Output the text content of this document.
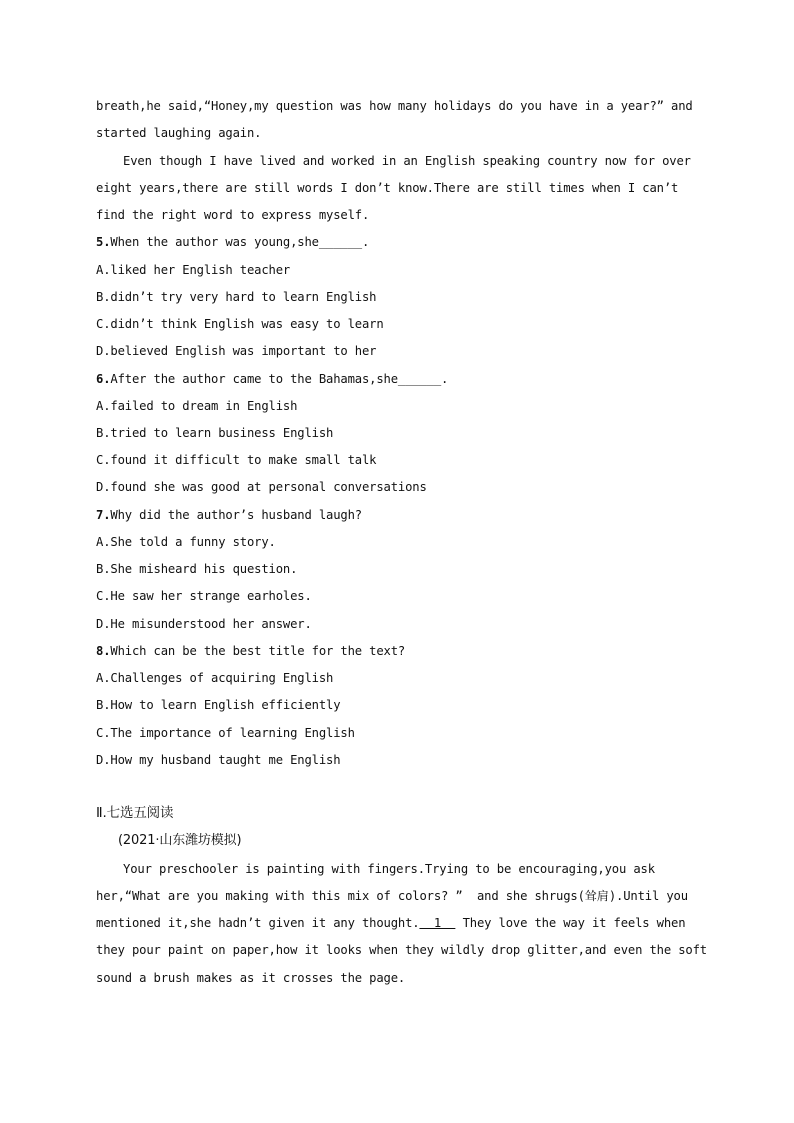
breath,he said,“Honey,my question was how many holidays do you have in a year?” and
started laughing again.
Even though I have lived and worked in an English speaking country now for over
eight years,there are still words I don’t know.There are still times when I can’t
find the right word to express myself.
5.When the author was young,she______.
A.liked her English teacher
B.didn’t try very hard to learn English
C.didn’t think English was easy to learn
D.believed English was important to her
6.After the author came to the Bahamas,she______.
A.failed to dream in English
B.tried to learn business English
C.found it difficult to make small talk
D.found she was good at personal conversations
7.Why did the author’s husband laugh?
A.She told a funny story.
B.She misheard his question.
C.He saw her strange earholes.
D.He misunderstood her answer.
8.Which can be the best title for the text?
A.Challenges of acquiring English
B.How to learn English efficiently
C.The importance of learning English
D.How my husband taught me English
Ⅱ.七选五阅读
(2021·山东潍坊模拟)
Your preschooler is painting with fingers.Trying to be encouraging,you ask
her,“What are you making with this mix of colors? ”  and she shrugs(耸肩).Until you
mentioned it,she hadn’t given it any thought.  1   They love the way it feels when
they pour paint on paper,how it looks when they wildly drop glitter,and even the soft
sound a brush makes as it crosses the page.
